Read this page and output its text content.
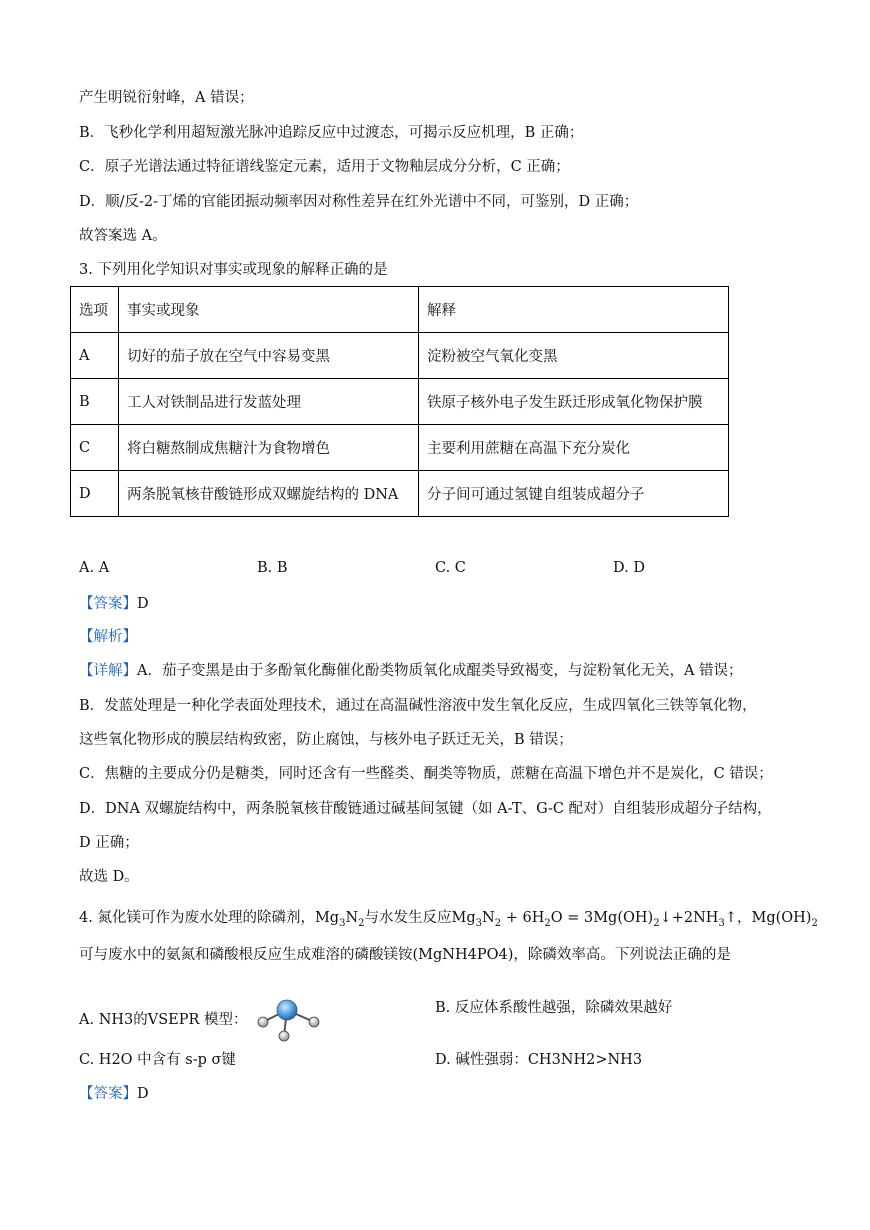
产生明锐衍射峰，A 错误；
B．飞秒化学利用超短激光脉冲追踪反应中过渡态，可揭示反应机理，B 正确；
C．原子光谱法通过特征谱线鉴定元素，适用于文物釉层成分分析，C 正确；
D．顺/反-2-丁烯的官能团振动频率因对称性差异在红外光谱中不同，可鉴别，D 正确；
故答案选 A。
3. 下列用化学知识对事实或现象的解释正确的是
选项	事实或现象	解释
A	切好的茄子放在空气中容易变黑	淀粉被空气氧化变黑
B	工人对铁制品进行发蓝处理	铁原子核外电子发生跃迁形成氧化物保护膜
C	将白糖熬制成焦糖汁为食物增色	主要利用蔗糖在高温下充分炭化
D	两条脱氧核苷酸链形成双螺旋结构的 DNA	分子间可通过氢键自组装成超分子
A. A	B. B	C. C	D. D
【答案】D
【解析】
【详解】A．茄子变黑是由于多酚氧化酶催化酚类物质氧化成醌类导致褐变，与淀粉氧化无关，A 错误；
B．发蓝处理是一种化学表面处理技术，通过在高温碱性溶液中发生氧化反应，生成四氧化三铁等氧化物，
这些氧化物形成的膜层结构致密，防止腐蚀，与核外电子跃迁无关，B 错误；
C．焦糖的主要成分仍是糖类，同时还含有一些醛类、酮类等物质，蔗糖在高温下增色并不是炭化，C 错误；
D．DNA 双螺旋结构中，两条脱氧核苷酸链通过碱基间氢键（如 A-T、G-C 配对）自组装形成超分子结构，
D 正确；
故选 D。
4. 氮化镁可作为废水处理的除磷剂，$Mg_3N_2$与水发生反应$Mg_3N_2 + 6H_2O$ = $3Mg(OH)_2↓+2NH_3↑$，$Mg(OH)_2$
可与废水中的氨氮和磷酸根反应生成难溶的磷酸镁铵(MgNH4PO4)，除磷效率高。下列说法正确的是
A. NH3的VSEPR 模型：
B. 反应体系酸性越强，除磷效果越好
C. H2O 中含有 s-p σ键	D. 碱性强弱：CH3NH2>NH3
【答案】D
